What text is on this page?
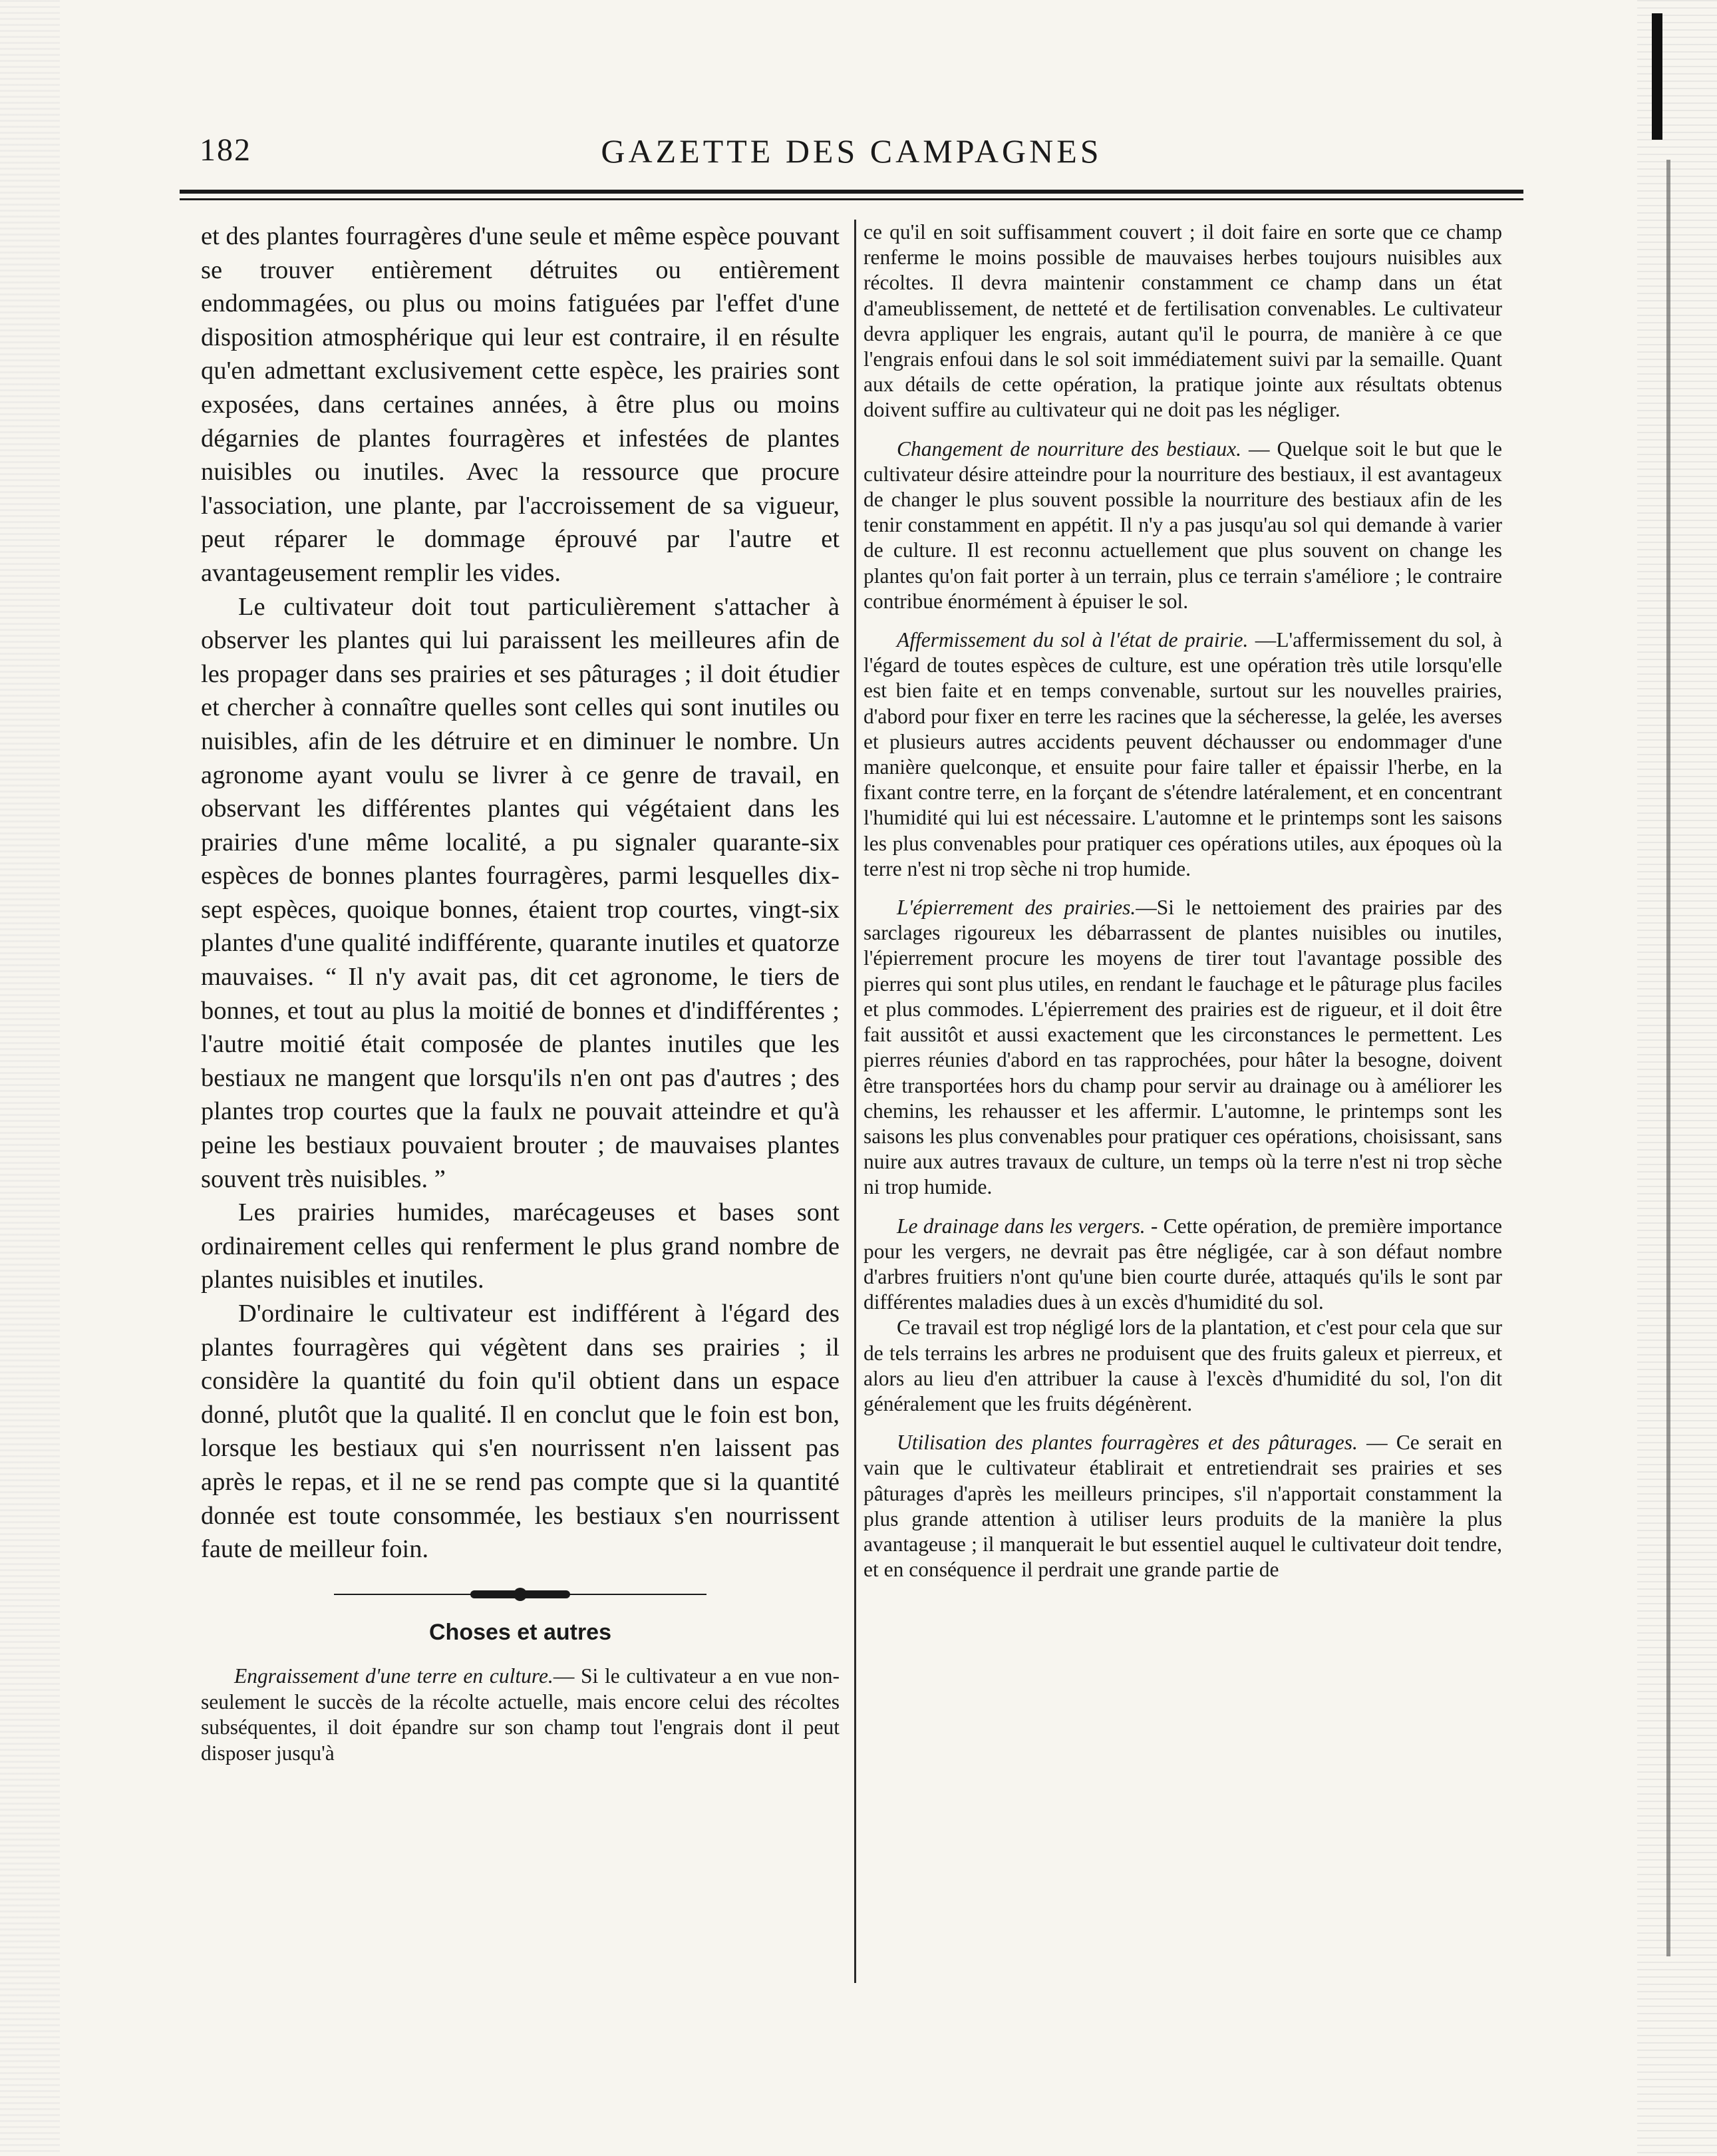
182	GAZETTE DES CAMPAGNES

et des plantes fourragères d'une seule et même espèce pouvant se trouver entièrement détruites ou entièrement endommagées, ou plus ou moins fatiguées par l'effet d'une disposition atmosphérique qui leur est contraire, il en résulte qu'en admettant exclusivement cette espèce, les prairies sont exposées, dans certaines années, à être plus ou moins dégarnies de plantes fourragères et infestées de plantes nuisibles ou inutiles. Avec la ressource que procure l'association, une plante, par l'accroissement de sa vigueur, peut réparer le dommage éprouvé par l'autre et avantageusement remplir les vides.

Le cultivateur doit tout particulièrement s'attacher à observer les plantes qui lui paraissent les meilleures afin de les propager dans ses prairies et ses pâturages ; il doit étudier et chercher à connaître quelles sont celles qui sont inutiles ou nuisibles, afin de les détruire et en diminuer le nombre. Un agronome ayant voulu se livrer à ce genre de travail, en observant les différentes plantes qui végétaient dans les prairies d'une même localité, a pu signaler quarante-six espèces de bonnes plantes fourragères, parmi lesquelles dix-sept espèces, quoique bonnes, étaient trop courtes, vingt-six plantes d'une qualité indifférente, quarante inutiles et quatorze mauvaises. “ Il n'y avait pas, dit cet agronome, le tiers de bonnes, et tout au plus la moitié de bonnes et d'indifférentes ; l'autre moitié était composée de plantes inutiles que les bestiaux ne mangent que lorsqu'ils n'en ont pas d'autres ; des plantes trop courtes que la faulx ne pouvait atteindre et qu'à peine les bestiaux pouvaient brouter ; de mauvaises plantes souvent très nuisibles. ”

Les prairies humides, marécageuses et bases sont ordinairement celles qui renferment le plus grand nombre de plantes nuisibles et inutiles.

D'ordinaire le cultivateur est indifférent à l'égard des plantes fourragères qui végètent dans ses prairies ; il considère la quantité du foin qu'il obtient dans un espace donné, plutôt que la qualité. Il en conclut que le foin est bon, lorsque les bestiaux qui s'en nourrissent n'en laissent pas après le repas, et il ne se rend pas compte que si la quantité donnée est toute consommée, les bestiaux s'en nourrissent faute de meilleur foin.

Choses et autres

Engraissement d'une terre en culture.— Si le cultivateur a en vue non-seulement le succès de la récolte actuelle, mais encore celui des récoltes subséquentes, il doit épandre sur son champ tout l'engrais dont il peut disposer jusqu'à

ce qu'il en soit suffisamment couvert ; il doit faire en sorte que ce champ renferme le moins possible de mauvaises herbes toujours nuisibles aux récoltes. Il devra maintenir constamment ce champ dans un état d'ameublissement, de netteté et de fertilisation convenables. Le cultivateur devra appliquer les engrais, autant qu'il le pourra, de manière à ce que l'engrais enfoui dans le sol soit immédiatement suivi par la semaille. Quant aux détails de cette opération, la pratique jointe aux résultats obtenus doivent suffire au cultivateur qui ne doit pas les négliger.

Changement de nourriture des bestiaux. — Quelque soit le but que le cultivateur désire atteindre pour la nourriture des bestiaux, il est avantageux de changer le plus souvent possible la nourriture des bestiaux afin de les tenir constamment en appétit. Il n'y a pas jusqu'au sol qui demande à varier de culture. Il est reconnu actuellement que plus souvent on change les plantes qu'on fait porter à un terrain, plus ce terrain s'améliore ; le contraire contribue énormément à épuiser le sol.

Affermissement du sol à l'état de prairie. —L'affermissement du sol, à l'égard de toutes espèces de culture, est une opération très utile lorsqu'elle est bien faite et en temps convenable, surtout sur les nouvelles prairies, d'abord pour fixer en terre les racines que la sécheresse, la gelée, les averses et plusieurs autres accidents peuvent déchausser ou endommager d'une manière quelconque, et ensuite pour faire taller et épaissir l'herbe, en la fixant contre terre, en la forçant de s'étendre latéralement, et en concentrant l'humidité qui lui est nécessaire. L'automne et le printemps sont les saisons les plus convenables pour pratiquer ces opérations utiles, aux époques où la terre n'est ni trop sèche ni trop humide.

L'épierrement des prairies.—Si le nettoiement des prairies par des sarclages rigoureux les débarrassent de plantes nuisibles ou inutiles, l'épierrement procure les moyens de tirer tout l'avantage possible des pierres qui sont plus utiles, en rendant le fauchage et le pâturage plus faciles et plus commodes. L'épierrement des prairies est de rigueur, et il doit être fait aussitôt et aussi exactement que les circonstances le permettent. Les pierres réunies d'abord en tas rapprochées, pour hâter la besogne, doivent être transportées hors du champ pour servir au drainage ou à améliorer les chemins, les rehausser et les affermir. L'automne, le printemps sont les saisons les plus convenables pour pratiquer ces opérations, choisissant, sans nuire aux autres travaux de culture, un temps où la terre n'est ni trop sèche ni trop humide.

Le drainage dans les vergers. - Cette opération, de première importance pour les vergers, ne devrait pas être négligée, car à son défaut nombre d'arbres fruitiers n'ont qu'une bien courte durée, attaqués qu'ils le sont par différentes maladies dues à un excès d'humidité du sol.

Ce travail est trop négligé lors de la plantation, et c'est pour cela que sur de tels terrains les arbres ne produisent que des fruits galeux et pierreux, et alors au lieu d'en attribuer la cause à l'excès d'humidité du sol, l'on dit généralement que les fruits dégénèrent.

Utilisation des plantes fourragères et des pâturages. — Ce serait en vain que le cultivateur établirait et entretiendrait ses prairies et ses pâturages d'après les meilleurs principes, s'il n'apportait constamment la plus grande attention à utiliser leurs produits de la manière la plus avantageuse ; il manquerait le but essentiel auquel le cultivateur doit tendre, et en conséquence il perdrait une grande partie de
